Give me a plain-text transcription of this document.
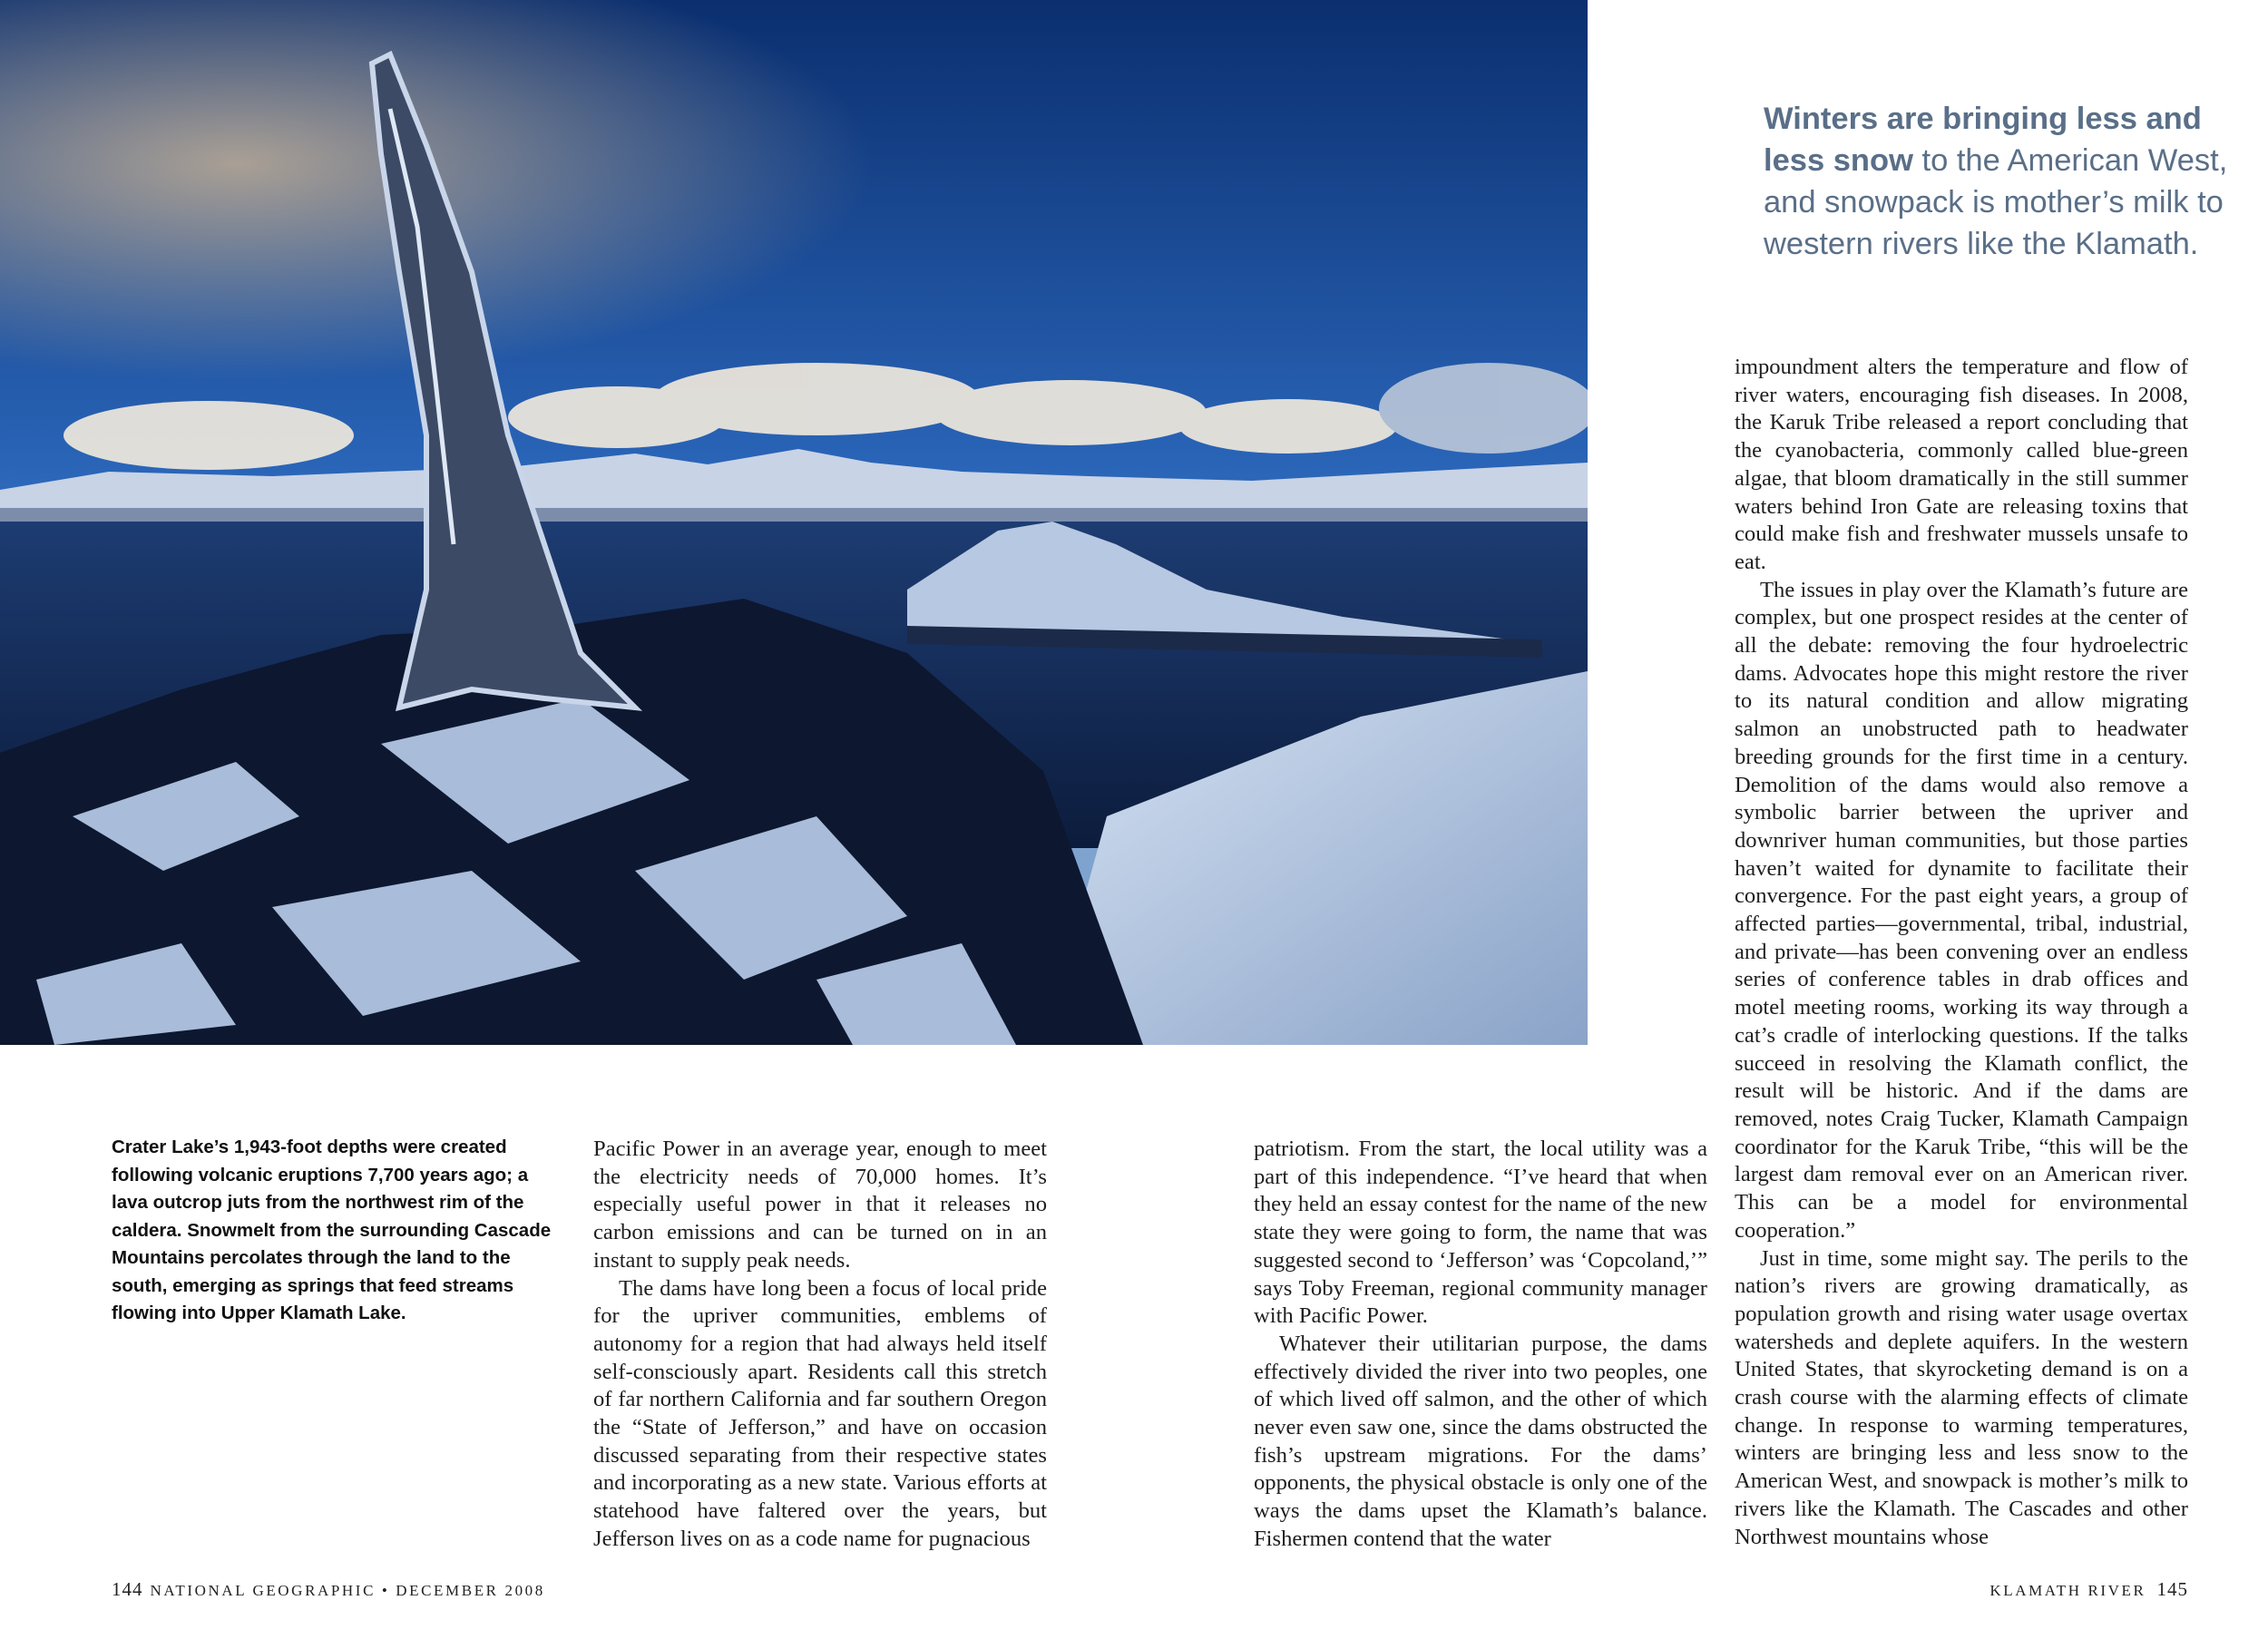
Winters are bringing less and less snow to the American West, and snowpack is mother’s milk to western rivers like the Klamath.
Crater Lake’s 1,943-foot depths were created following volcanic eruptions 7,700 years ago; a lava outcrop juts from the northwest rim of the caldera. Snowmelt from the surrounding Cascade Mountains percolates through the land to the south, emerging as springs that feed streams flowing into Upper Klamath Lake.

Pacific Power in an average year, enough to meet the electricity needs of 70,000 homes. It’s especially useful power in that it releases no carbon emissions and can be turned on in an instant to supply peak needs.

The dams have long been a focus of local pride for the upriver communities, emblems of autonomy for a region that had always held itself self-consciously apart. Residents call this stretch of far northern California and far southern Oregon the “State of Jefferson,” and have on occasion discussed separating from their respective states and incorporating as a new state. Various efforts at statehood have faltered over the years, but Jefferson lives on as a code name for pugnacious

patriotism. From the start, the local utility was a part of this independence. “I’ve heard that when they held an essay contest for the name of the new state they were going to form, the name that was suggested second to ‘Jefferson’ was ‘Copcoland,’” says Toby Freeman, regional community manager with Pacific Power.

Whatever their utilitarian purpose, the dams effectively divided the river into two peoples, one of which lived off salmon, and the other of which never even saw one, since the dams obstructed the fish’s upstream migrations. For the dams’ opponents, the physical obstacle is only one of the ways the dams upset the Klamath’s balance. Fishermen contend that the water

impoundment alters the temperature and flow of river waters, encouraging fish diseases. In 2008, the Karuk Tribe released a report concluding that the cyanobacteria, commonly called blue-green algae, that bloom dramatically in the still summer waters behind Iron Gate are releasing toxins that could make fish and freshwater mussels unsafe to eat.

The issues in play over the Klamath’s future are complex, but one prospect resides at the center of all the debate: removing the four hydroelectric dams. Advocates hope this might restore the river to its natural condition and allow migrating salmon an unobstructed path to headwater breeding grounds for the first time in a century. Demolition of the dams would also remove a symbolic barrier between the upriver and downriver human communities, but those parties haven’t waited for dynamite to facilitate their convergence. For the past eight years, a group of affected parties—governmental, tribal, industrial, and private—has been convening over an endless series of conference tables in drab offices and motel meeting rooms, working its way through a cat’s cradle of interlocking questions. If the talks succeed in resolving the Klamath conflict, the result will be historic. And if the dams are removed, notes Craig Tucker, Klamath Campaign coordinator for the Karuk Tribe, “this will be the largest dam removal ever on an American river. This can be a model for environmental cooperation.”

Just in time, some might say. The perils to the nation’s rivers are growing dramatically, as population growth and rising water usage overtax watersheds and deplete aquifers. In the western United States, that skyrocketing demand is on a crash course with the alarming effects of climate change. In response to warming temperatures, winters are bringing less and less snow to the American West, and snowpack is mother’s milk to rivers like the Klamath. The Cascades and other Northwest mountains whose

144 NATIONAL GEOGRAPHIC • DECEMBER 2008	KLAMATH RIVER 145
